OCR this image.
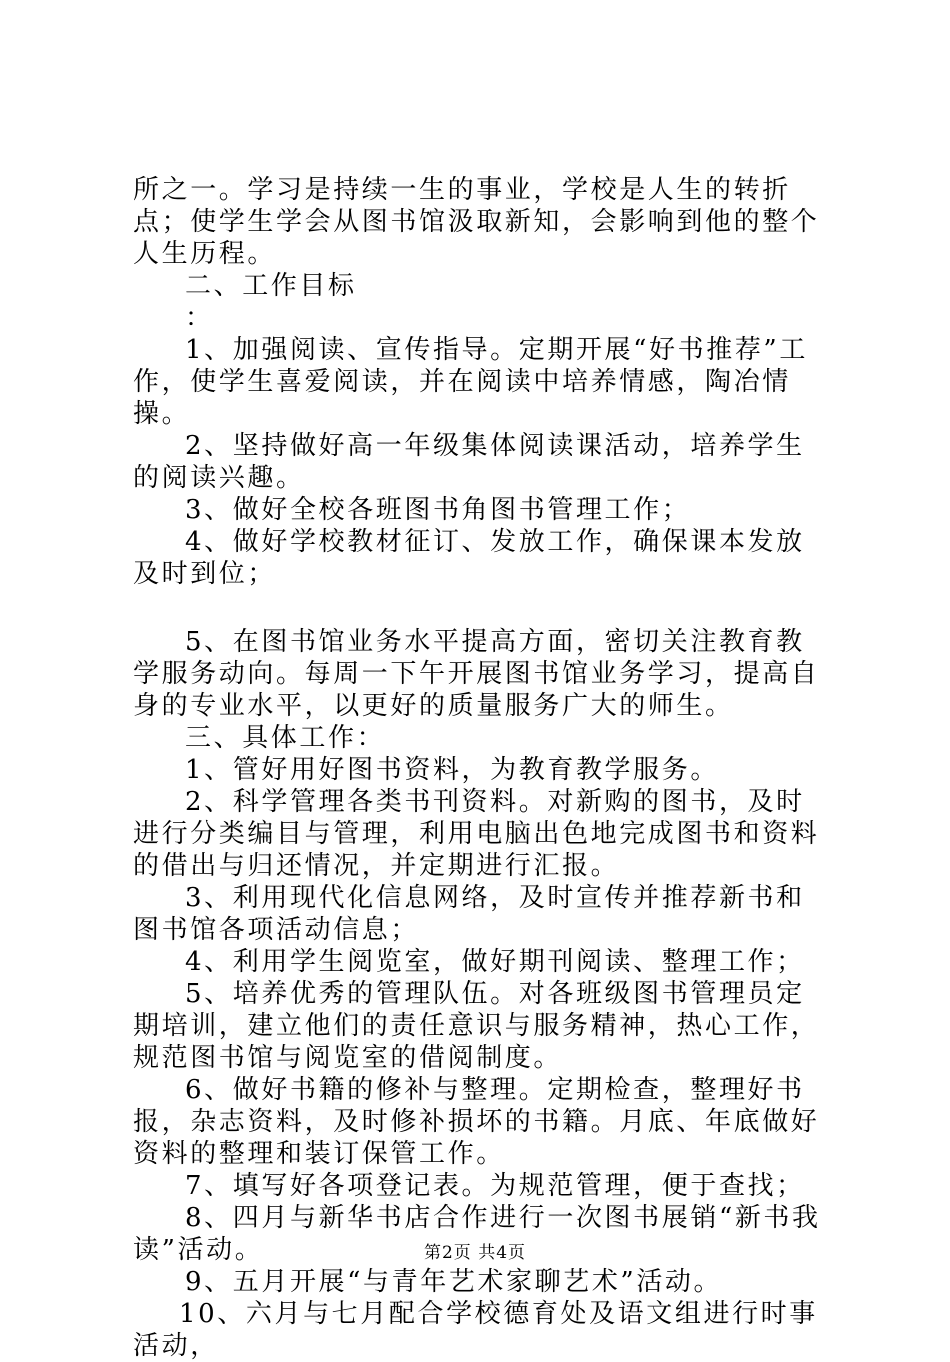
所之一。学习是持续一生的事业，学校是人生的转折点；使学生学会从图书馆汲取新知，会影响到他的整个人生历程。

二、工作目标

：

1、加强阅读、宣传指导。定期开展“好书推荐”工作，使学生喜爱阅读，并在阅读中培养情感，陶冶情操。

2、坚持做好高一年级集体阅读课活动，培养学生的阅读兴趣。

3、做好全校各班图书角图书管理工作；

4、做好学校教材征订、发放工作，确保课本发放及时到位；

5、在图书馆业务水平提高方面，密切关注教育教学服务动向。每周一下午开展图书馆业务学习，提高自身的专业水平，以更好的质量服务广大的师生。

三、具体工作：

1、管好用好图书资料，为教育教学服务。

2、科学管理各类书刊资料。对新购的图书，及时进行分类编目与管理，利用电脑出色地完成图书和资料的借出与归还情况，并定期进行汇报。

3、利用现代化信息网络，及时宣传并推荐新书和图书馆各项活动信息；

4、利用学生阅览室，做好期刊阅读、整理工作；

5、培养优秀的管理队伍。对各班级图书管理员定期培训，建立他们的责任意识与服务精神，热心工作，规范图书馆与阅览室的借阅制度。

6、做好书籍的修补与整理。定期检查，整理好书报，杂志资料，及时修补损坏的书籍。月底、年底做好资料的整理和装订保管工作。

7、填写好各项登记表。为规范管理，便于查找；

8、四月与新华书店合作进行一次图书展销“新书我读”活动。

9、五月开展“与青年艺术家聊艺术”活动。

10、六月与七月配合学校德育处及语文组进行时事活动，

第2页 共4页
